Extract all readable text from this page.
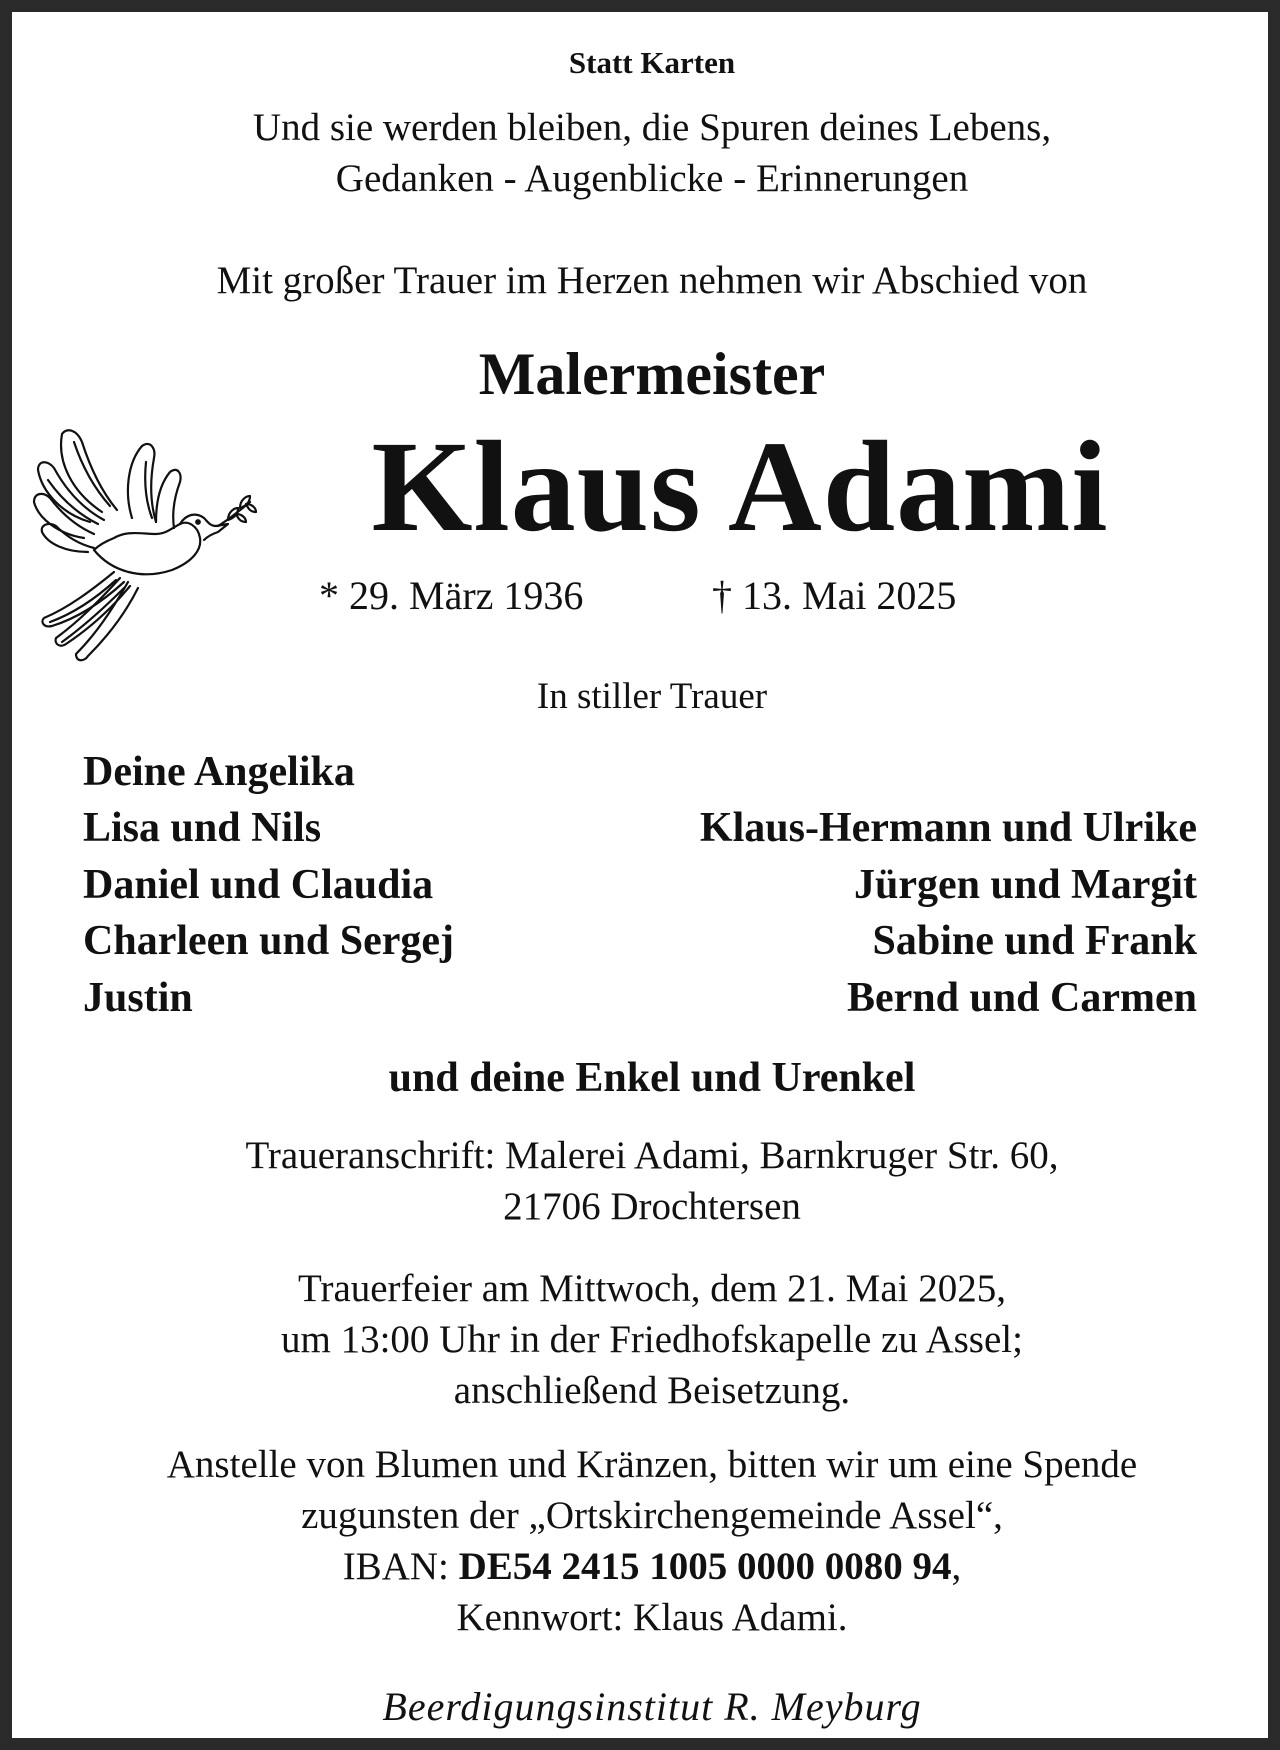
Statt Karten
Und sie werden bleiben, die Spuren deines Lebens,
Gedanken - Augenblicke - Erinnerungen
Mit großer Trauer im Herzen nehmen wir Abschied von
Malermeister
Klaus Adami
* 29. März 1936	† 13. Mai 2025
In stiller Trauer
Deine Angelika
Lisa und Nils
Daniel und Claudia
Charleen und Sergej
Justin
Klaus-Hermann und Ulrike
Jürgen und Margit
Sabine und Frank
Bernd und Carmen
und deine Enkel und Urenkel
Traueranschrift: Malerei Adami, Barnkruger Str. 60,
21706 Drochtersen
Trauerfeier am Mittwoch, dem 21. Mai 2025,
um 13:00 Uhr in der Friedhofskapelle zu Assel;
anschließend Beisetzung.
Anstelle von Blumen und Kränzen, bitten wir um eine Spende
zugunsten der „Ortskirchengemeinde Assel“,
IBAN: DE54 2415 1005 0000 0080 94,
Kennwort: Klaus Adami.
Beerdigungsinstitut R. Meyburg
